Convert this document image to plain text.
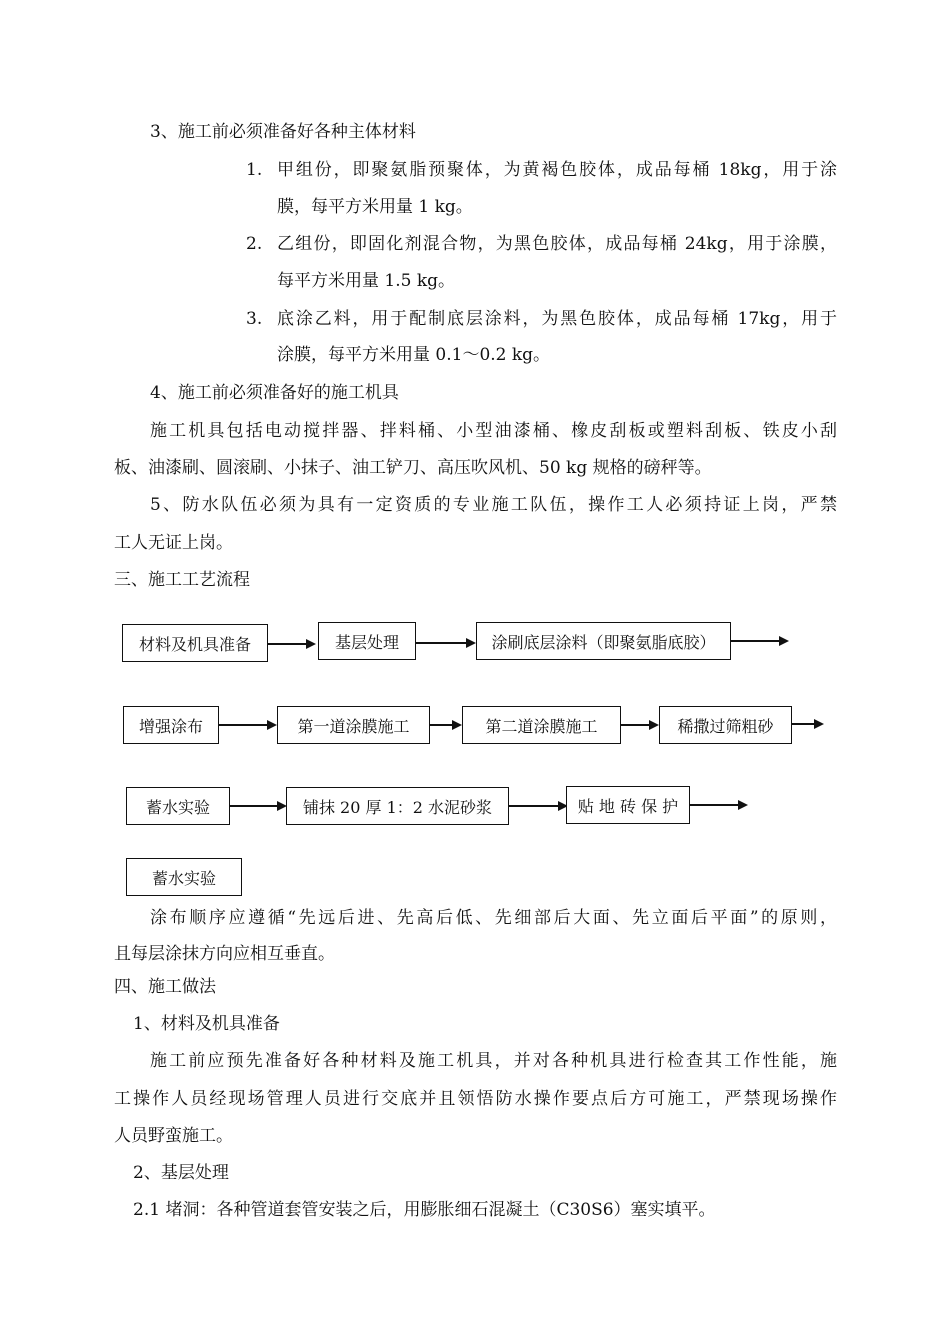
3、施工前必须准备好各种主体材料
1. 甲组份，即聚氨脂预聚体，为黄褐色胶体，成品每桶 18kg，用于涂
膜，每平方米用量 1 kg。
2. 乙组份，即固化剂混合物，为黑色胶体，成品每桶 24kg，用于涂膜，
每平方米用量 1.5 kg。
3. 底涂乙料，用于配制底层涂料，为黑色胶体，成品每桶 17kg，用于
涂膜，每平方米用量 0.1～0.2 kg。
4、施工前必须准备好的施工机具
施工机具包括电动搅拌器、拌料桶、小型油漆桶、橡皮刮板或塑料刮板、铁皮小刮
板、油漆刷、圆滚刷、小抹子、油工铲刀、高压吹风机、50 kg 规格的磅秤等。
5、防水队伍必须为具有一定资质的专业施工队伍，操作工人必须持证上岗，严禁
工人无证上岗。
三、施工工艺流程
材料及机具准备	基层处理	涂刷底层涂料（即聚氨脂底胶）
增强涂布	第一道涂膜施工	第二道涂膜施工	稀撒过筛粗砂
蓄水实验	铺抹 20 厚 1：2 水泥砂浆	贴 地 砖 保 护
蓄水实验
涂布顺序应遵循“先远后进、先高后低、先细部后大面、先立面后平面”的原则，
且每层涂抹方向应相互垂直。
四、施工做法
1、材料及机具准备
施工前应预先准备好各种材料及施工机具，并对各种机具进行检查其工作性能，施
工操作人员经现场管理人员进行交底并且领悟防水操作要点后方可施工，严禁现场操作
人员野蛮施工。
2、基层处理
2.1 堵洞：各种管道套管安装之后，用膨胀细石混凝土（C30S6）塞实填平。
